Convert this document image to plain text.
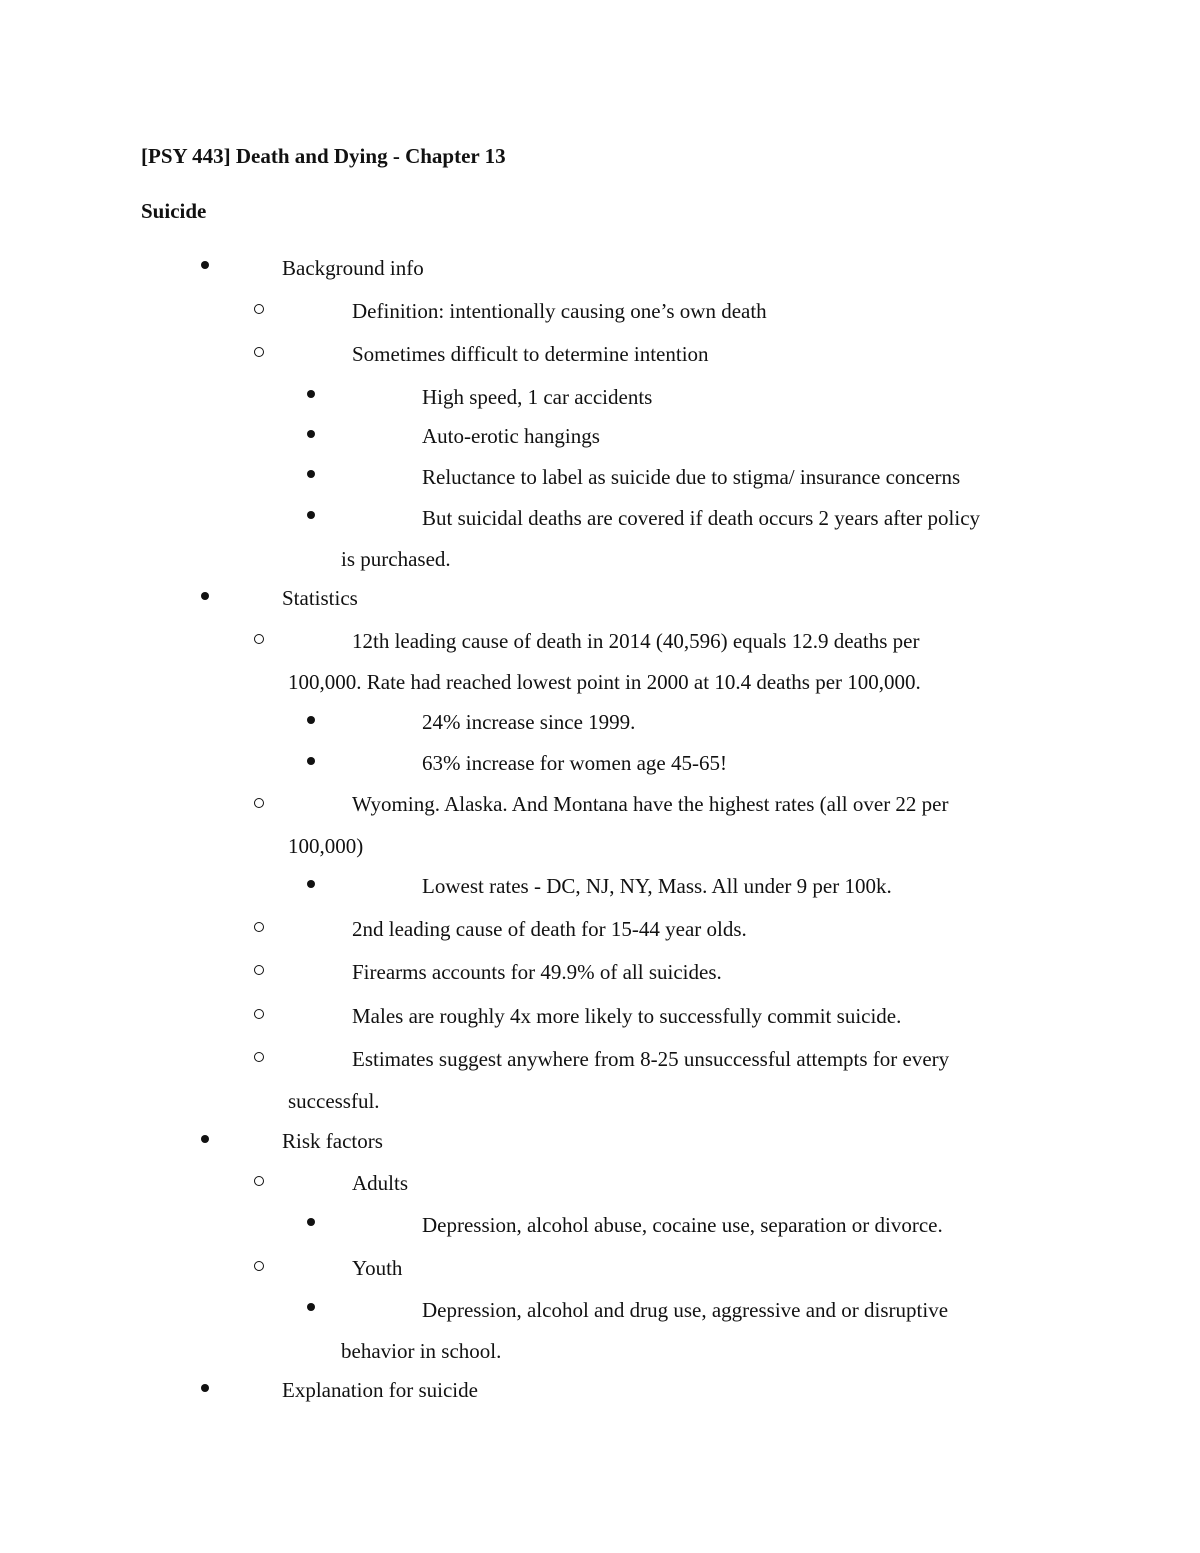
[PSY 443] Death and Dying - Chapter 13
Suicide
Background info
Definition: intentionally causing one’s own death
Sometimes difficult to determine intention
High speed, 1 car accidents
Auto-erotic hangings
Reluctance to label as suicide due to stigma/ insurance concerns
But suicidal deaths are covered if death occurs 2 years after policy
is purchased.
Statistics
12th leading cause of death in 2014 (40,596) equals 12.9 deaths per
100,000. Rate had reached lowest point in 2000 at 10.4 deaths per 100,000.
24% increase since 1999.
63% increase for women age 45-65!
Wyoming. Alaska. And Montana have the highest rates (all over 22 per
100,000)
Lowest rates - DC, NJ, NY, Mass. All under 9 per 100k.
2nd leading cause of death for 15-44 year olds.
Firearms accounts for 49.9% of all suicides.
Males are roughly 4x more likely to successfully commit suicide.
Estimates suggest anywhere from 8-25 unsuccessful attempts for every
successful.
Risk factors
Adults
Depression, alcohol abuse, cocaine use, separation or divorce.
Youth
Depression, alcohol and drug use, aggressive and or disruptive
behavior in school.
Explanation for suicide
